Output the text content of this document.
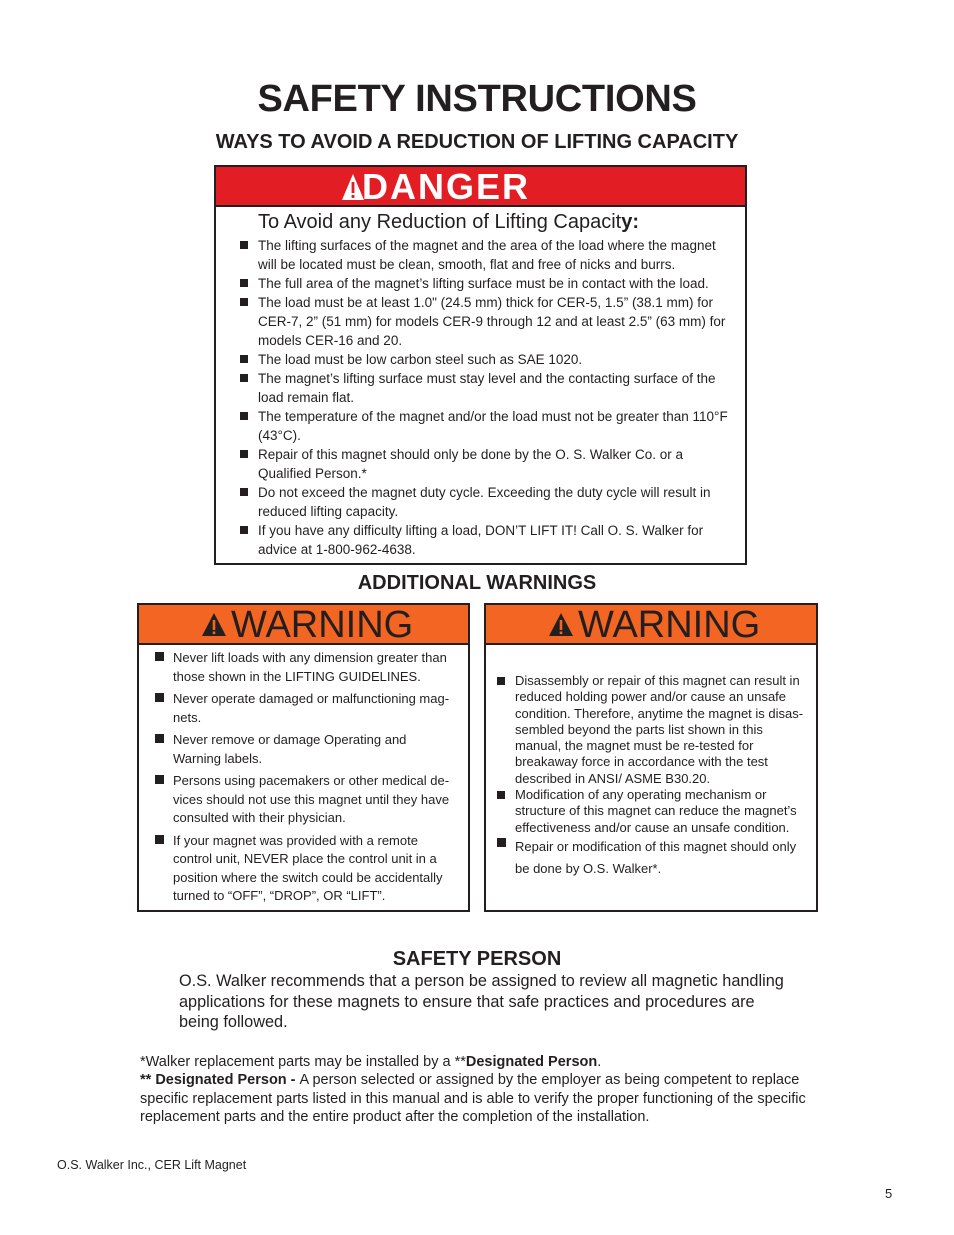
SAFETY INSTRUCTIONS
WAYS TO AVOID A REDUCTION OF LIFTING CAPACITY
DANGER
To Avoid any Reduction of Lifting Capacity:
The lifting surfaces of the magnet and the area of the load where the magnet will be located must be clean, smooth, flat and free of nicks and burrs.
The full area of the magnet’s lifting surface must be in contact with the load.
The load must be at least 1.0" (24.5 mm) thick for CER-5, 1.5” (38.1 mm) for CER-7, 2” (51 mm) for models CER-9 through 12 and at least 2.5” (63 mm) for models CER-16 and 20.
The load must be low carbon steel such as SAE 1020.
The magnet’s lifting surface must stay level and the contacting surface of the load remain flat.
The temperature of the magnet and/or the load must not be greater than 110°F (43°C).
Repair of this magnet should only be done by the O. S. Walker Co. or a Qualified Person.*
Do not exceed the magnet duty cycle. Exceeding the duty cycle will result in reduced lifting capacity.
If you have any difficulty lifting a load, DON’T LIFT IT! Call O. S. Walker for advice at 1-800-962-4638.
ADDITIONAL WARNINGS
WARNING
Never lift loads with any dimension greater than those shown in the LIFTING GUIDELINES.
Never operate damaged or malfunctioning mag-nets.
Never remove or damage Operating and Warning labels.
Persons using pacemakers or other medical de-vices should not use this magnet until they have consulted with their physician.
If your magnet was provided with a remote control unit, NEVER place the control unit in a position where the switch could be accidentally turned to “OFF”, “DROP”, OR “LIFT”.
WARNING
Disassembly or repair of this magnet can result in reduced holding power and/or cause an unsafe condition. Therefore, anytime the magnet is disas-sembled beyond the parts list shown in this manual, the magnet must be re-tested for breakaway force in accordance with the test described in ANSI/ ASME B30.20.
Modification of any operating mechanism or structure of this magnet can reduce the magnet’s effectiveness and/or cause an unsafe condition.
Repair or modification of this magnet should only be done by O.S. Walker*.
SAFETY PERSON

O.S. Walker recommends that a person be assigned to review all magnetic handling applications for these magnets to ensure that safe practices and procedures are being followed.

*Walker replacement parts may be installed by a **Designated Person.

** Designated Person - A person selected or assigned by the employer as being competent to replace specific replacement parts listed in this manual and is able to verify the proper functioning of the specific replacement parts and the entire product after the completion of the installation.

O.S. Walker Inc., CER Lift Magnet
5
